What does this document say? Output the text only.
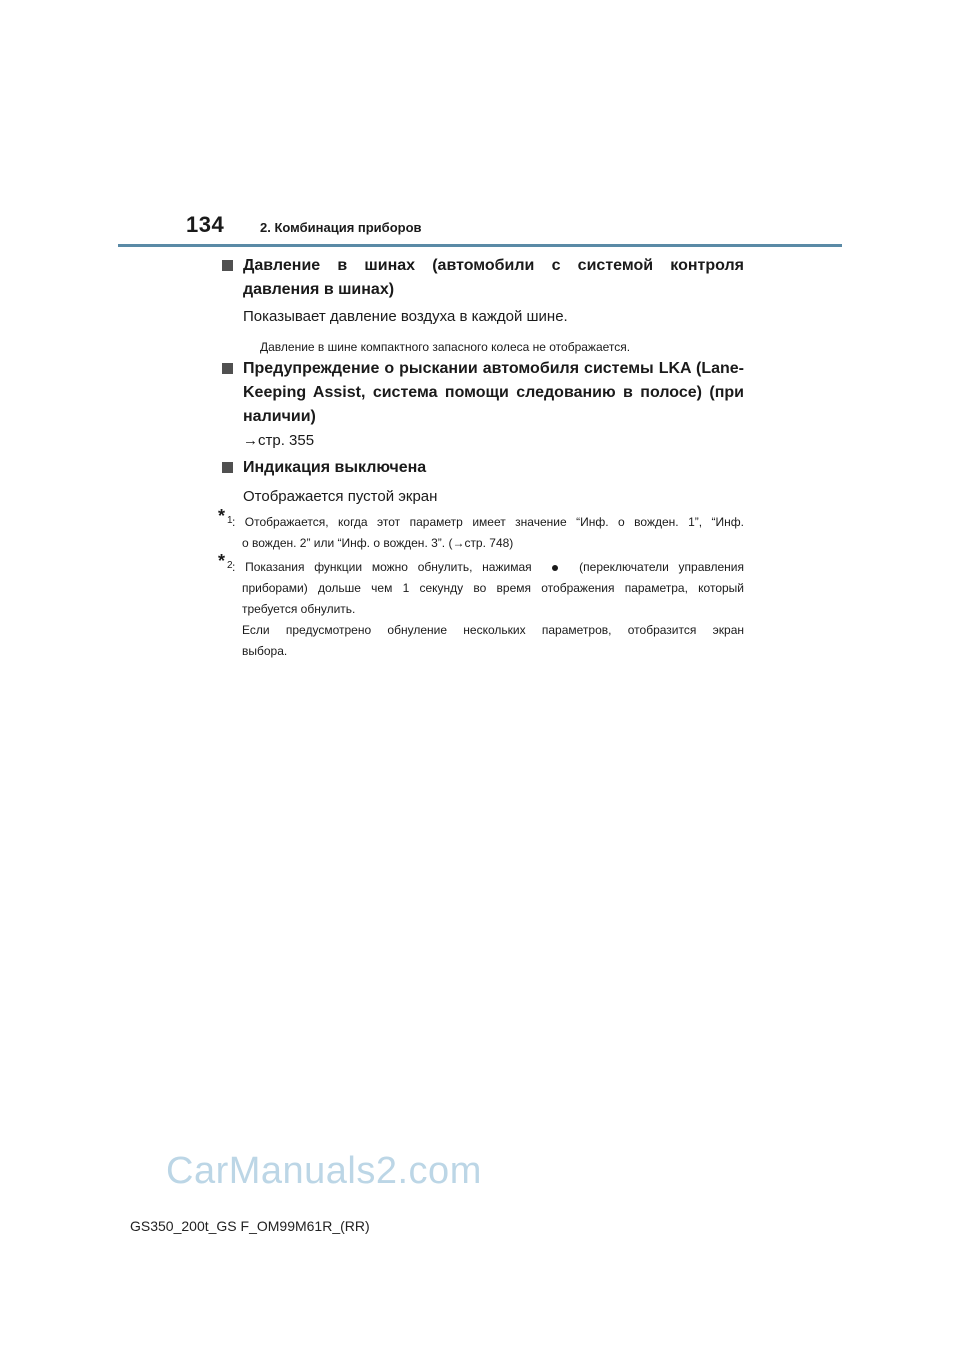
134	2. Комбинация приборов
Давление в шинах (автомобили с системой контроля давления в шинах)
Показывает давление воздуха в каждой шине.
Давление в шине компактного запасного колеса не отображается.
Предупреждение о рыскании автомобиля системы LKA (Lane-Keeping Assist, система помощи следованию в полосе) (при наличии)
→стр. 355
Индикация выключена
Отображается пустой экран
* 1 : Отображается, когда этот параметр имеет значение “Инф. о вожден. 1”, “Инф.
о вожден. 2” или “Инф. о вожден. 3”. (→стр. 748)
* 2 : Показания функции можно обнулить, нажимая	(переключатели управления
приборами) дольше чем 1 секунду во время отображения параметра, который
требуется обнулить.
Если предусмотрено обнуление нескольких параметров, отобразится экран
выбора.
CarManuals2.com
GS350_200t_GS F_OM99M61R_(RR)
